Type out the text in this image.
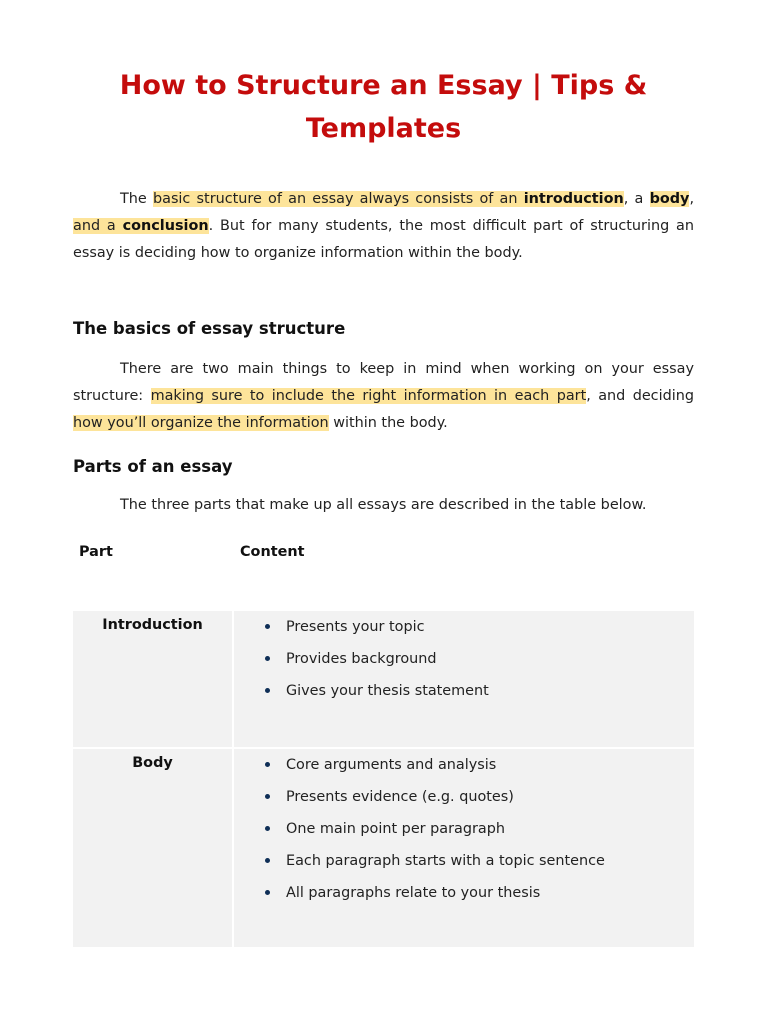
How to Structure an Essay | Tips & Templates

The basic structure of an essay always consists of an introduction, a body, and a conclusion. But for many students, the most difficult part of structuring an essay is deciding how to organize information within the body.

The basics of essay structure

There are two main things to keep in mind when working on your essay structure: making sure to include the right information in each part, and deciding how you’ll organize the information within the body.

Parts of an essay

The three parts that make up all essays are described in the table below.

Part	Content
Introduction	Presents your topic
Provides background
Gives your thesis statement
Body	Core arguments and analysis
Presents evidence (e.g. quotes)
One main point per paragraph
Each paragraph starts with a topic sentence
All paragraphs relate to your thesis
